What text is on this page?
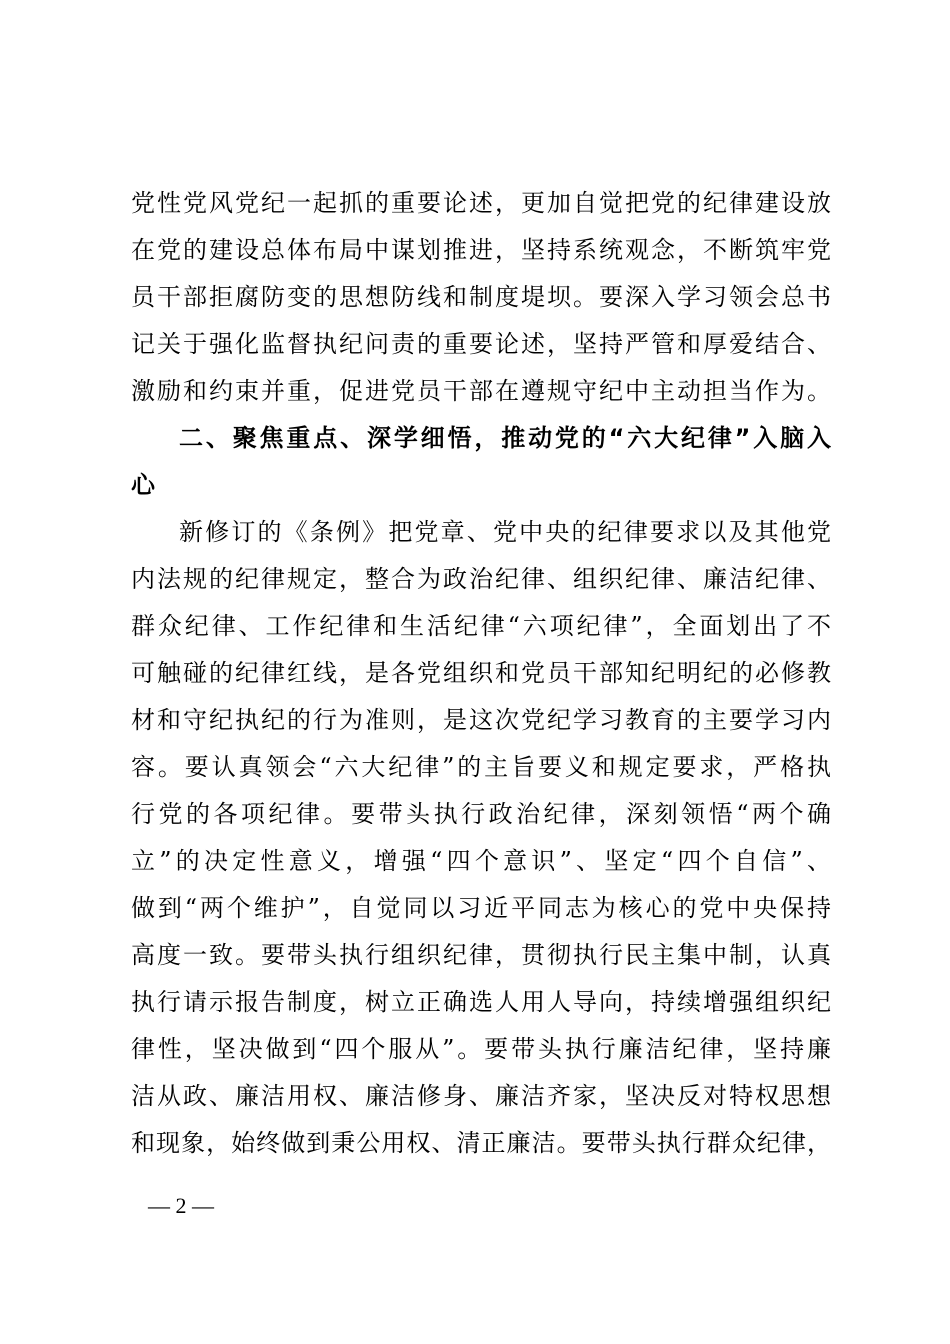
党性党风党纪一起抓的重要论述，更加自觉把党的纪律建设放
在党的建设总体布局中谋划推进，坚持系统观念，不断筑牢党
员干部拒腐防变的思想防线和制度堤坝。要深入学习领会总书
记关于强化监督执纪问责的重要论述，坚持严管和厚爱结合、
激励和约束并重，促进党员干部在遵规守纪中主动担当作为。
二、聚焦重点、深学细悟，推动党的“六大纪律”入脑入
心
新修订的《条例》把党章、党中央的纪律要求以及其他党
内法规的纪律规定，整合为政治纪律、组织纪律、廉洁纪律、
群众纪律、工作纪律和生活纪律“六项纪律”，全面划出了不
可触碰的纪律红线，是各党组织和党员干部知纪明纪的必修教
材和守纪执纪的行为准则，是这次党纪学习教育的主要学习内
容。要认真领会“六大纪律”的主旨要义和规定要求，严格执
行党的各项纪律。要带头执行政治纪律，深刻领悟“两个确
立”的决定性意义，增强“四个意识”、坚定“四个自信”、
做到“两个维护”，自觉同以习近平同志为核心的党中央保持
高度一致。要带头执行组织纪律，贯彻执行民主集中制，认真
执行请示报告制度，树立正确选人用人导向，持续增强组织纪
律性，坚决做到“四个服从”。要带头执行廉洁纪律，坚持廉
洁从政、廉洁用权、廉洁修身、廉洁齐家，坚决反对特权思想
和现象，始终做到秉公用权、清正廉洁。要带头执行群众纪律，
— 2 —
